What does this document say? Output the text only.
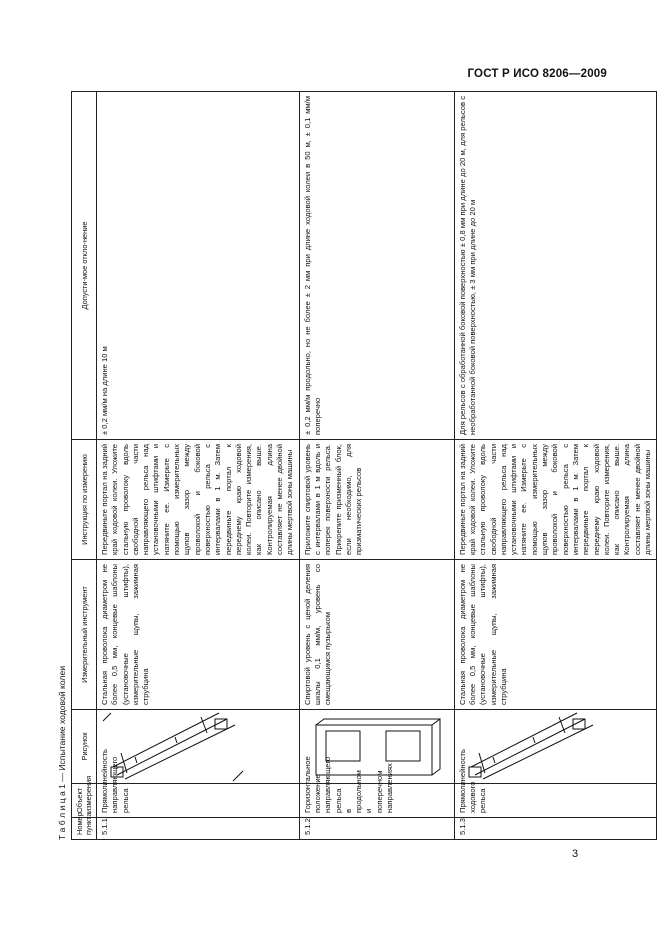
ГОСТ Р ИСО 8206—2009
Т а б л и ц а 1 — Испытание ходовой колеи Номер пункта	Объект измерения	Рисунок	Измерительный инструмент	Инструкция по измерению	Допусти-мое откло-нение
5.1.1	Прямолинейность направляющего рельса		Стальная проволока диаметром не более 0,5 мм, концевые шаблоны (установочные штифты), измерительные щупы, зажимная струбцина	Передвиньте портал на задний край ходовой колеи. Уложите стальную проволоку вдоль свободной части направляющего рельса над установочными штифтами и натяните ее. Измерьте с помощью измерительных щупов зазор между проволокой и боковой поверхностью рельса с интервалами в 1 м. Затем передвиньте портал к переднему краю ходовой колеи. Повторите измерения, как описано выше. Контролируемая длина составляет не менее двойной длины мертвой зоны машины	± 0,2 мм/м на длине 10 м
5.1.2	Горизонтальное положение направляющего рельса в продольном и поперечном направлениях		Спиртовой уровень с ценой деления шкалы 0,1 мм/м, уровень со смещающимся пузырьком	Приложите спиртовой уровень с интервалами в 1 м вдоль и поперек поверхности рельса. Прикрепите призменный блок, если необходимо, для призматических рельсов	± 0,2 мм/м продольно, но не более ± 2 мм при длине ходовой колеи в 50 м, ± 0,1 мм/м поперечно
5.1.3	Прямолинейность ходового рельса		Стальная проволока диаметром не более 0,5 мм, концевые шаблоны (установочные штифты), измерительные щупы, зажимная струбцина	Передвиньте портал на задний край ходовой колеи. Уложите стальную проволоку вдоль свободной части направляющего рельса над установочными штифтами и натяните ее. Измерьте с помощью измерительных щупов зазор между проволокой и боковой поверхностью рельса с интервалами в 1 м. Затем передвиньте портал к переднему краю ходовой колеи. Повторите измерения, как описано выше. Контролируемая длина составляет не менее двойной длины мертвой зоны машины	Для рельсов с обработанной боковой поверхностью ± 0,8 мм при длине до 20 м, для рельсов с необработанной боковой поверхностью, ± 3 мм при длине до 20 м
3
